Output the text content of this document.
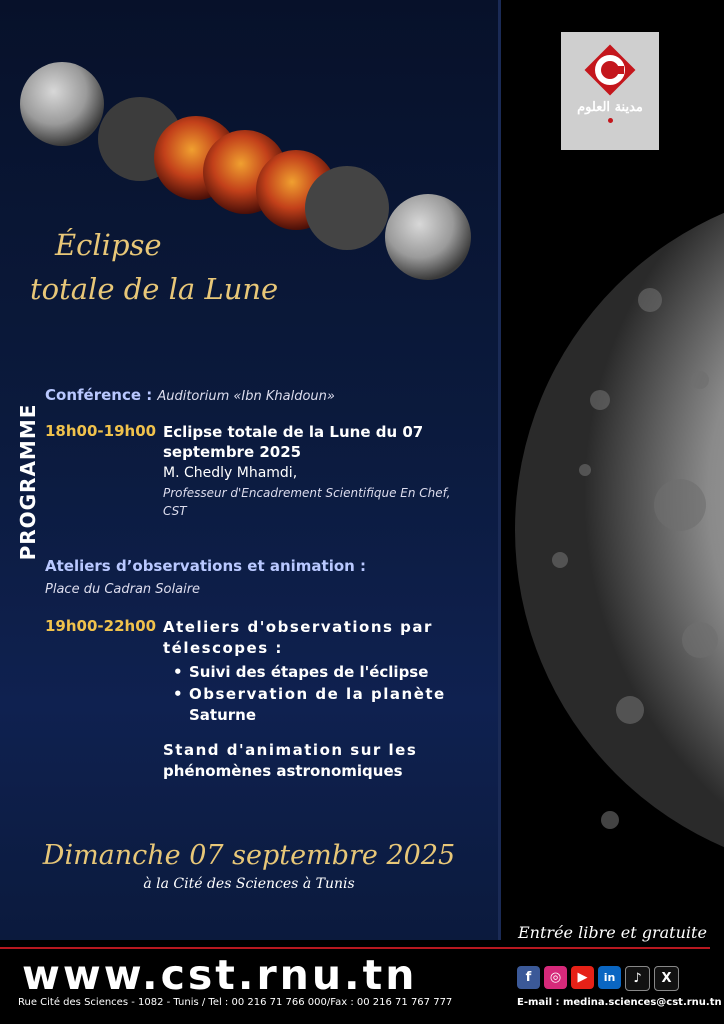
مدينة العلوم
Éclipse
totale de la Lune
PROGRAMME
Conférence : Auditorium «Ibn Khaldoun»
18h00-19h00 Eclipse totale de la Lune du 07
septembre 2025
M. Chedly Mhamdi,
Professeur d'Encadrement Scientifique En Chef,
CST
Ateliers d’observations et animation :
Place du Cadran Solaire
19h00-22h00 Ateliers d'observations par
télescopes :
• Suivi des étapes de l'éclipse
• Observation de la planète
Saturne
Stand d'animation sur les
phénomènes astronomiques
Dimanche 07 septembre 2025
à la Cité des Sciences à Tunis
Entrée libre et gratuite
www.cst.rnu.tn
Rue Cité des Sciences - 1082 - Tunis / Tel : 00 216 71 766 000/Fax : 00 216 71 767 777
f	◎	▶	in	♪	X
E-mail : medina.sciences@cst.rnu.tn
